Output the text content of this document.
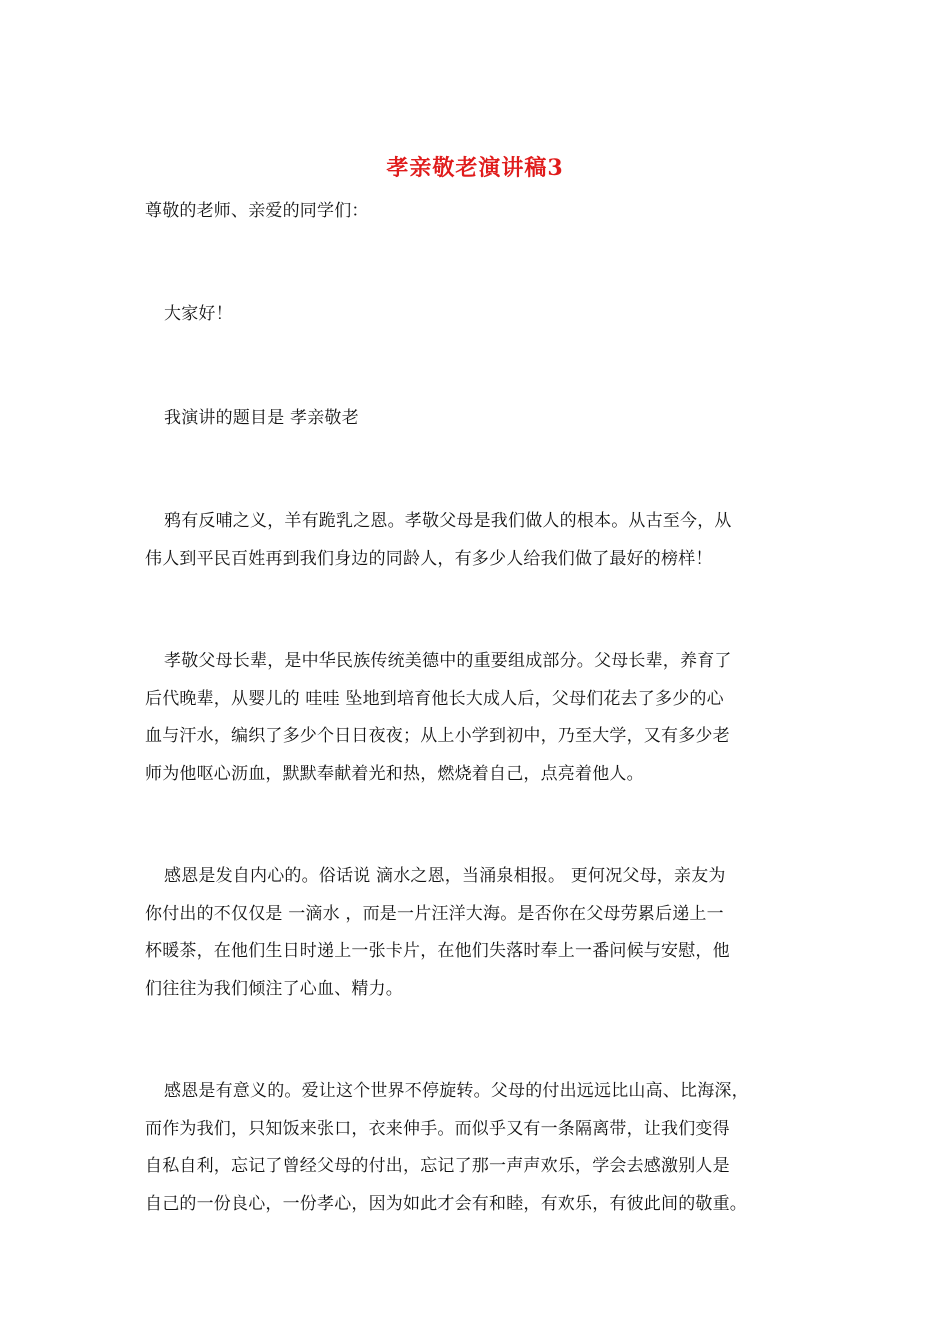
孝亲敬老演讲稿3
尊敬的老师、亲爱的同学们：
大家好！
我演讲的题目是 孝亲敬老
鸦有反哺之义，羊有跪乳之恩。孝敬父母是我们做人的根本。从古至今，从
伟人到平民百姓再到我们身边的同龄人，有多少人给我们做了最好的榜样！
孝敬父母长辈，是中华民族传统美德中的重要组成部分。父母长辈，养育了
后代晚辈，从婴儿的 哇哇 坠地到培育他长大成人后，父母们花去了多少的心
血与汗水，编织了多少个日日夜夜；从上小学到初中，乃至大学，又有多少老
师为他呕心沥血，默默奉献着光和热，燃烧着自己，点亮着他人。
感恩是发自内心的。俗话说 滴水之恩，当涌泉相报。 更何况父母，亲友为
你付出的不仅仅是 一滴水 ，而是一片汪洋大海。是否你在父母劳累后递上一
杯暖茶，在他们生日时递上一张卡片，在他们失落时奉上一番问候与安慰，他
们往往为我们倾注了心血、精力。
感恩是有意义的。爱让这个世界不停旋转。父母的付出远远比山高、比海深，
而作为我们，只知饭来张口，衣来伸手。而似乎又有一条隔离带，让我们变得
自私自利，忘记了曾经父母的付出，忘记了那一声声欢乐，学会去感激别人是
自己的一份良心，一份孝心，因为如此才会有和睦，有欢乐，有彼此间的敬重。
